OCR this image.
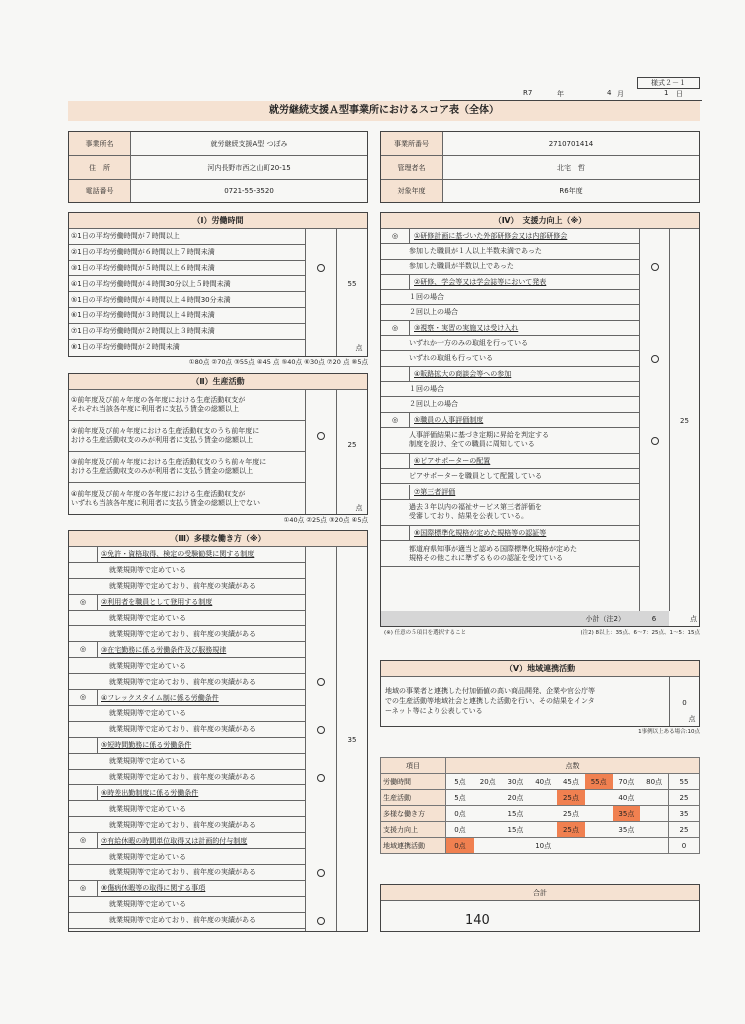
様式２－１
R7	年	4 月	1 日
就労継続支援Ａ型事業所におけるスコア表（全体）
事業所名	就労継続支援A型 つぼみ
住　所	河内長野市西之山町20-15
電話番号	0721-55-3520
事業所番号	2710701414
管理者名	北宅　哲
対象年度	R6年度
（Ⅰ）労働時間
①1日の平均労働時間が７時間以上
②1日の平均労働時間が６時間以上７時間未満
③1日の平均労働時間が５時間以上６時間未満
④1日の平均労働時間が４時間30分以上５時間未満
⑤1日の平均労働時間が４時間以上４時間30分未満
⑥1日の平均労働時間が３時間以上４時間未満
⑦1日の平均労働時間が２時間以上３時間未満
⑧1日の平均労働時間が２時間未満
55
点
①80点 ②70点 ③55点 ④45 点 ⑤40点 ⑥30点 ⑦20 点 ⑧5点
（Ⅱ）生産活動
①前年度及び前々年度の各年度における生産活動収支が
それぞれ当該各年度に利用者に支払う賃金の総額以上
②前年度及び前々年度における生産活動収支のうち前年度に
おける生産活動収支のみが利用者に支払う賃金の総額以上
③前年度及び前々年度における生産活動収支のうち前々年度に
おける生産活動収支のみが利用者に支払う賃金の総額以上
④前年度及び前々年度の各年度における生産活動収支が
いずれも当該各年度に利用者に支払う賃金の総額以上でない
25
点
①40点 ②25点 ③20点 ④5点
（Ⅲ）多様な働き方（※）
①免許・資格取得、検定の受験勧奨に関する制度
就業規則等で定めている
就業規則等で定めており、前年度の実績がある
◎	②利用者を職員として登用する制度
就業規則等で定めている
就業規則等で定めており、前年度の実績がある
◎	③在宅勤務に係る労働条件及び服務規律
就業規則等で定めている
就業規則等で定めており、前年度の実績がある
◎	④フレックスタイム制に係る労働条件
就業規則等で定めている
就業規則等で定めており、前年度の実績がある
⑤短時間勤務に係る労働条件
就業規則等で定めている
就業規則等で定めており、前年度の実績がある
⑥時差出勤制度に係る労働条件
就業規則等で定めている
就業規則等で定めており、前年度の実績がある
◎	⑦有給休暇の時間単位取得又は計画的付与制度
就業規則等で定めている
就業規則等で定めており、前年度の実績がある
◎	⑧傷病休暇等の取得に関する事項
就業規則等で定めている
就業規則等で定めており、前年度の実績がある
35
（Ⅳ）　支援力向上（※）
◎	①研修計画に基づいた外部研修会又は内部研修会
参加した職員が１人以上半数未満であった
参加した職員が半数以上であった
②研修、学会等又は学会誌等において発表
１回の場合
２回以上の場合
◎	③視察・実習の実施又は受け入れ
いずれか一方のみの取組を行っている
いずれの取組も行っている
④販路拡大の商談会等への参加
１回の場合
２回以上の場合
◎	⑤職員の人事評価制度
人事評価結果に基づき定期に昇給を判定する
制度を設け、全ての職員に周知している
⑥ピアサポーターの配置
ピアサポーターを職員として配置している
⑦第三者評価
過去３年以内の福祉サービス第三者評価を
受審しており、結果を公表している。
⑧国際標準化規格が定めた規格等の認証等
都道府県知事が適当と認める国際標準化規格が定めた
規格その他これに準ずるものの認証を受けている
25
小計（注2）	6	点
(※) 任意の５項目を選択すること	(注2) 8以上：35点、6～7：25点、1～5：15点
（Ⅴ）地域連携活動
地域の事業者と連携した付加価値の高い商品開発、企業や官公庁等
での生産活動等地域社会と連携した活動を行い、その結果をインタ
ーネット等により公表している
0
点
1事例以上ある場合:10点
項目	点数								
労働時間	5点	20点	30点	40点	45点	55点	70点	80点	55
生産活動	5点		20点		25点		40点		25
多様な働き方	0点		15点		25点		35点		35
支援力向上	0点		15点		25点		35点		25
地域連携活動	0点			10点					0
合計
140
